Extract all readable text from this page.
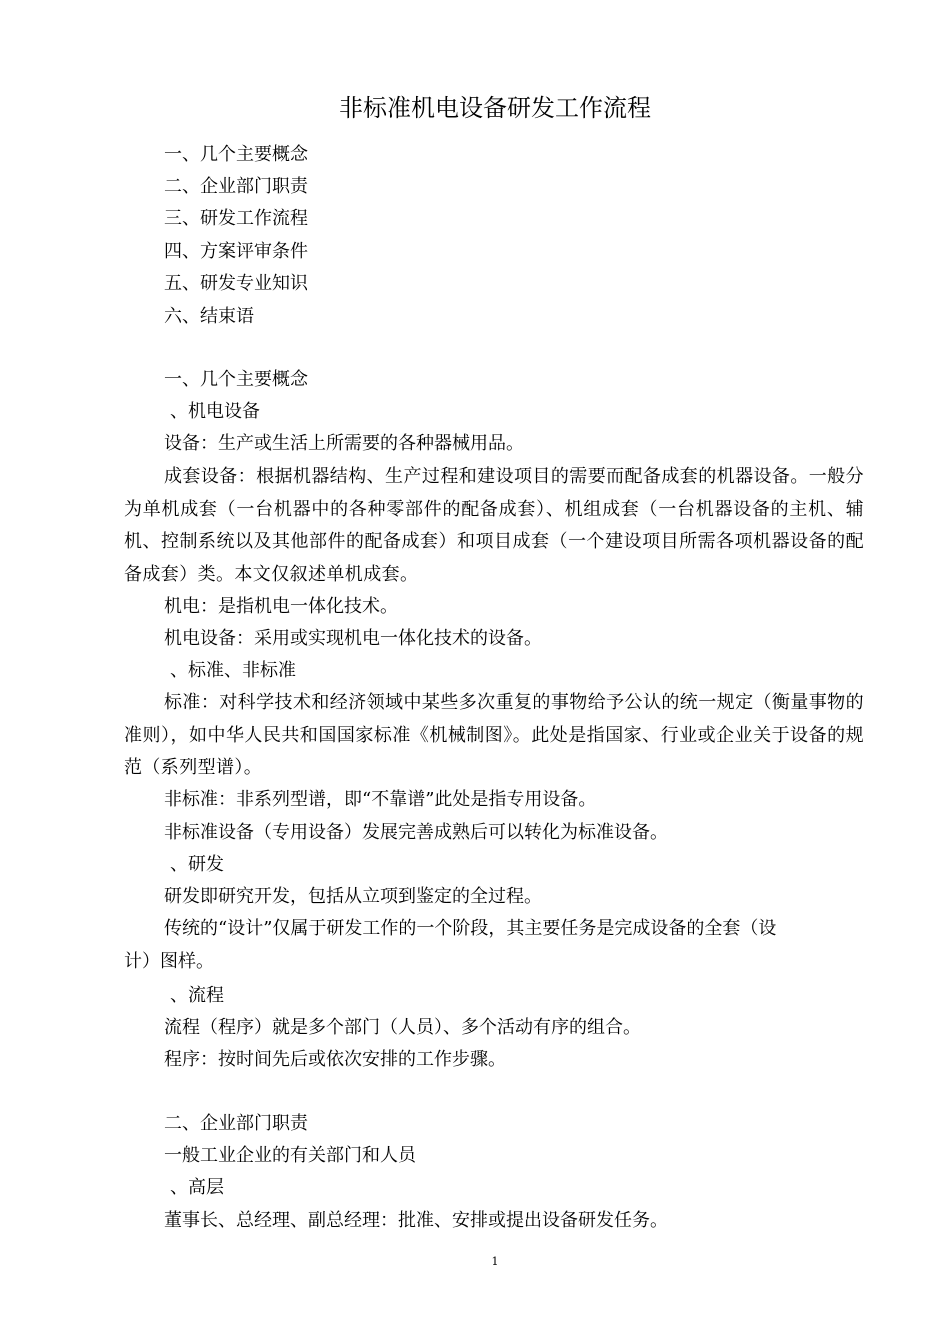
非标准机电设备研发工作流程
一、几个主要概念
二、企业部门职责
三、研发工作流程
四、方案评审条件
五、研发专业知识
六、结束语
一、几个主要概念
、机电设备
设备：生产或生活上所需要的各种器械用品。
成套设备：根据机器结构、生产过程和建设项目的需要而配备成套的机器设备。一般分为单机成套（一台机器中的各种零部件的配备成套）、机组成套（一台机器设备的主机、辅机、控制系统以及其他部件的配备成套）和项目成套（一个建设项目所需各项机器设备的配备成套）类。本文仅叙述单机成套。
机电：是指机电一体化技术。
机电设备：采用或实现机电一体化技术的设备。
、标准、非标准
标准：对科学技术和经济领域中某些多次重复的事物给予公认的统一规定（衡量事物的准则），如中华人民共和国国家标准《机械制图》。此处是指国家、行业或企业关于设备的规范（系列型谱）。
非标准：非系列型谱，即“不靠谱”此处是指专用设备。
非标准设备（专用设备）发展完善成熟后可以转化为标准设备。
、研发
研发即研究开发，包括从立项到鉴定的全过程。
传统的“设计”仅属于研发工作的一个阶段，其主要任务是完成设备的全套（设
计）图样。
、流程
流程（程序）就是多个部门（人员）、多个活动有序的组合。
程序：按时间先后或依次安排的工作步骤。
二、企业部门职责
一般工业企业的有关部门和人员
、高层
董事长、总经理、副总经理：批准、安排或提出设备研发任务。
1
